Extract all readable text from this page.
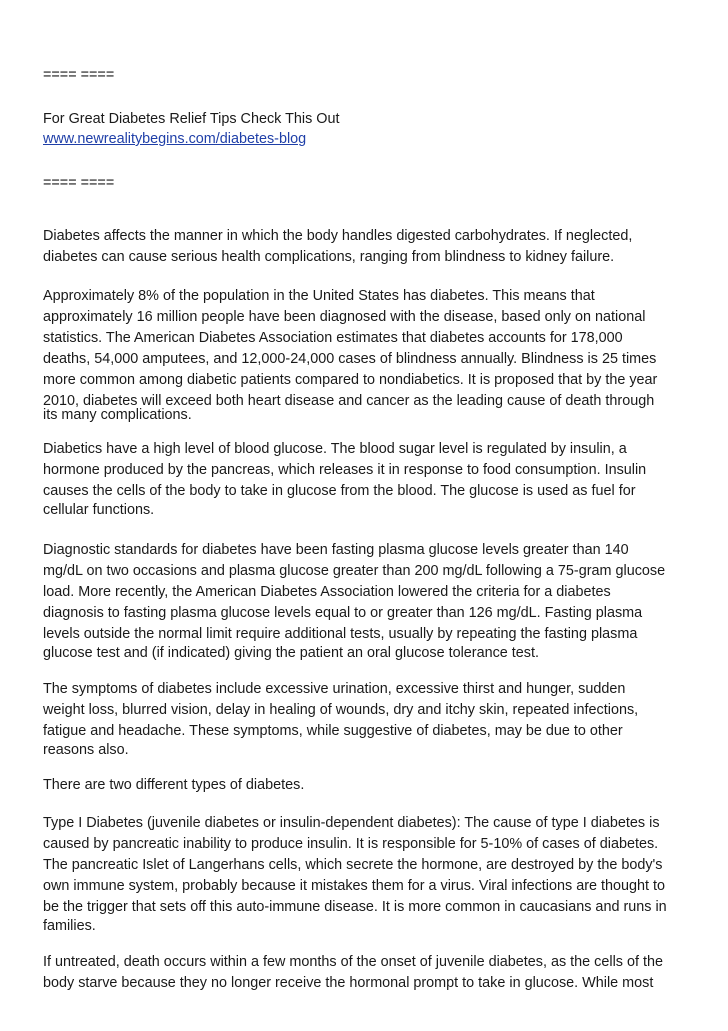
==== ====
For Great Diabetes Relief Tips Check This Out
www.newrealitybegins.com/diabetes-blog
==== ====
Diabetes affects the manner in which the body handles digested carbohydrates. If neglected,
diabetes can cause serious health complications, ranging from blindness to kidney failure.
Approximately 8% of the population in the United States has diabetes. This means that
approximately 16 million people have been diagnosed with the disease, based only on national
statistics. The American Diabetes Association estimates that diabetes accounts for 178,000
deaths, 54,000 amputees, and 12,000-24,000 cases of blindness annually. Blindness is 25 times
more common among diabetic patients compared to nondiabetics. It is proposed that by the year
2010, diabetes will exceed both heart disease and cancer as the leading cause of death through
its many complications.
Diabetics have a high level of blood glucose. The blood sugar level is regulated by insulin, a
hormone produced by the pancreas, which releases it in response to food consumption. Insulin
causes the cells of the body to take in glucose from the blood. The glucose is used as fuel for
cellular functions.
Diagnostic standards for diabetes have been fasting plasma glucose levels greater than 140
mg/dL on two occasions and plasma glucose greater than 200 mg/dL following a 75-gram glucose
load. More recently, the American Diabetes Association lowered the criteria for a diabetes
diagnosis to fasting plasma glucose levels equal to or greater than 126 mg/dL. Fasting plasma
levels outside the normal limit require additional tests, usually by repeating the fasting plasma
glucose test and (if indicated) giving the patient an oral glucose tolerance test.
The symptoms of diabetes include excessive urination, excessive thirst and hunger, sudden
weight loss, blurred vision, delay in healing of wounds, dry and itchy skin, repeated infections,
fatigue and headache. These symptoms, while suggestive of diabetes, may be due to other
reasons also.
There are two different types of diabetes.
Type I Diabetes (juvenile diabetes or insulin-dependent diabetes): The cause of type I diabetes is
caused by pancreatic inability to produce insulin. It is responsible for 5-10% of cases of diabetes.
The pancreatic Islet of Langerhans cells, which secrete the hormone, are destroyed by the body's
own immune system, probably because it mistakes them for a virus. Viral infections are thought to
be the trigger that sets off this auto-immune disease. It is more common in caucasians and runs in
families.
If untreated, death occurs within a few months of the onset of juvenile diabetes, as the cells of the
body starve because they no longer receive the hormonal prompt to take in glucose. While most
